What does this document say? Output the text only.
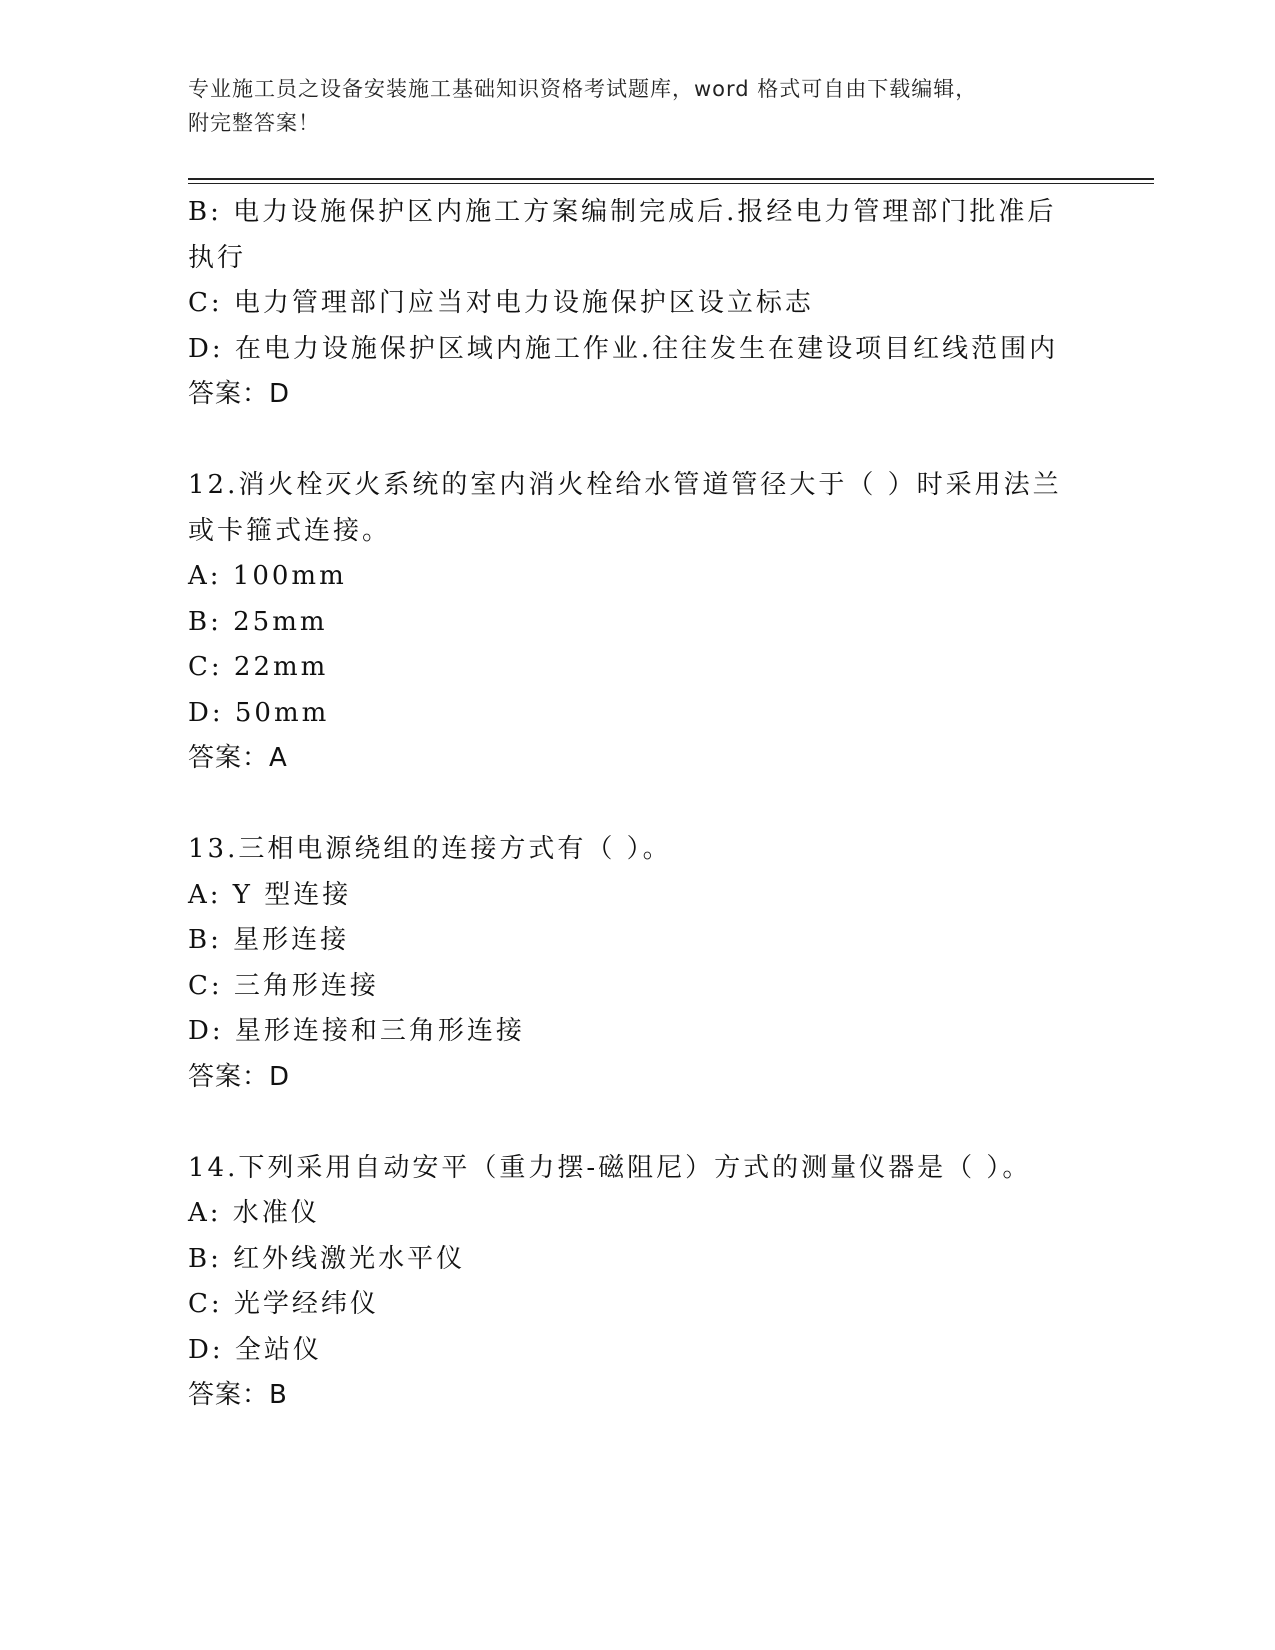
专业施工员之设备安装施工基础知识资格考试题库，word 格式可自由下载编辑，
附完整答案！
B: 电力设施保护区内施工方案编制完成后.报经电力管理部门批准后
执行
C: 电力管理部门应当对电力设施保护区设立标志
D: 在电力设施保护区域内施工作业.往往发生在建设项目红线范围内
答案：D
12.消火栓灭火系统的室内消火栓给水管道管径大于（ ）时采用法兰
或卡箍式连接。
A: 100mm
B: 25mm
C: 22mm
D: 50mm
答案：A
13.三相电源绕组的连接方式有（ ）。
A: Y 型连接
B: 星形连接
C: 三角形连接
D: 星形连接和三角形连接
答案：D
14.下列采用自动安平（重力摆-磁阻尼）方式的测量仪器是（ ）。
A: 水准仪
B: 红外线激光水平仪
C: 光学经纬仪
D: 全站仪
答案：B
